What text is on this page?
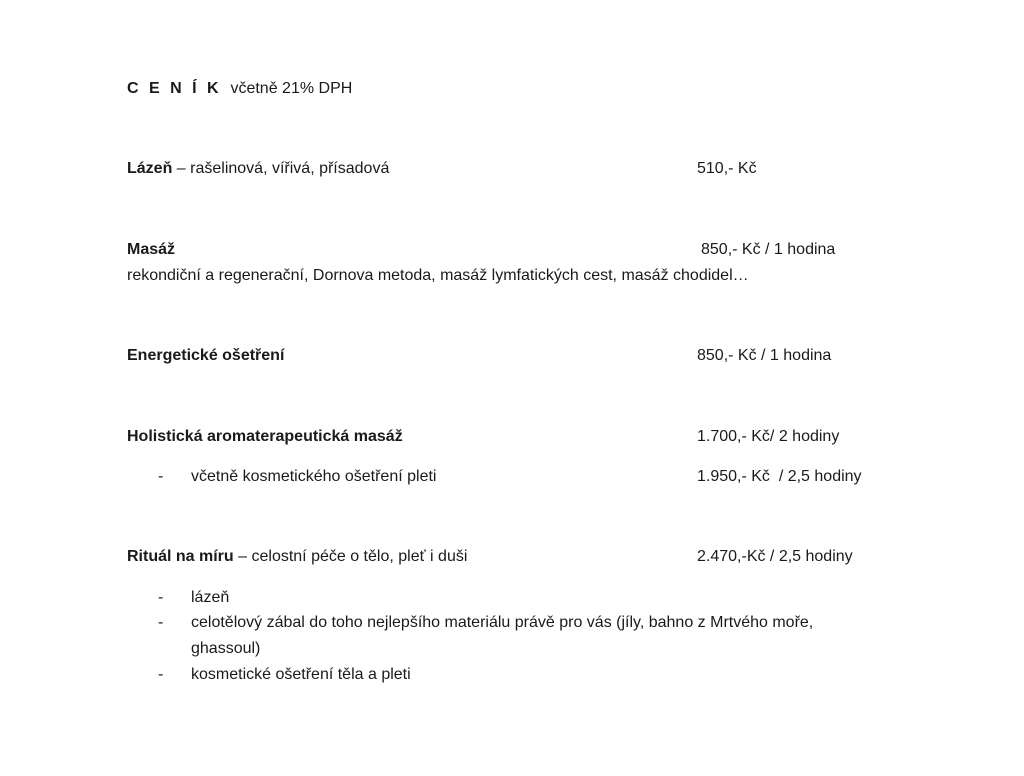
C E N Í K včetně 21% DPH
Lázeň – rašelinová, vířivá, přísadová	510,- Kč
Masáž	850,- Kč / 1 hodina
rekondiční a regenerační, Dornova metoda, masáž lymfatických cest, masáž chodidel…
Energetické ošetření	850,- Kč / 1 hodina
Holistická aromaterapeutická masáž	1.700,- Kč/ 2 hodiny
- včetně kosmetického ošetření pleti	1.950,- Kč  / 2,5 hodiny
Rituál na míru – celostní péče o tělo, pleť i duši	2.470,-Kč / 2,5 hodiny
- lázeň
- celotělový zábal do toho nejlepšího materiálu právě pro vás (jíly, bahno z Mrtvého moře,
ghassoul)
- kosmetické ošetření těla a pleti
